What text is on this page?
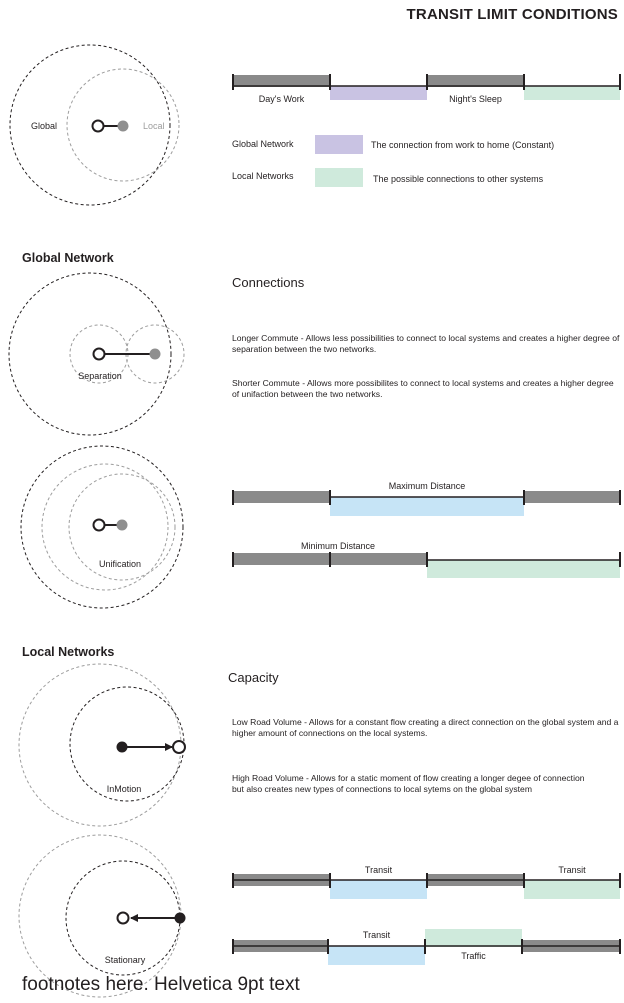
TRANSIT LIMIT CONDITIONS
Global	Local
Day's Work	Night's Sleep
Global Network	The connection from work to home (Constant)
Local Networks	The possible connections to other systems
Global Network
Connections
Longer Commute - Allows less possibilities to connect to local systems and creates a higher degree of separation between the two networks.
Shorter Commute - Allows more possibilites to connect to local systems and creates a higher degree of unifaction between the two networks.
Separation
Unification
Maximum Distance
Minimum Distance
Local Networks
Capacity
Low Road Volume - Allows for a constant flow creating a direct connection on the global system and a higher amount of connections on the local systems.
High Road Volume - Allows for a static moment of flow creating a longer degee of connection but also creates new types of connections to local sytems on the global system
InMotion
Stationary
Transit	Transit
Transit
Traffic
footnotes here. Helvetica 9pt text
